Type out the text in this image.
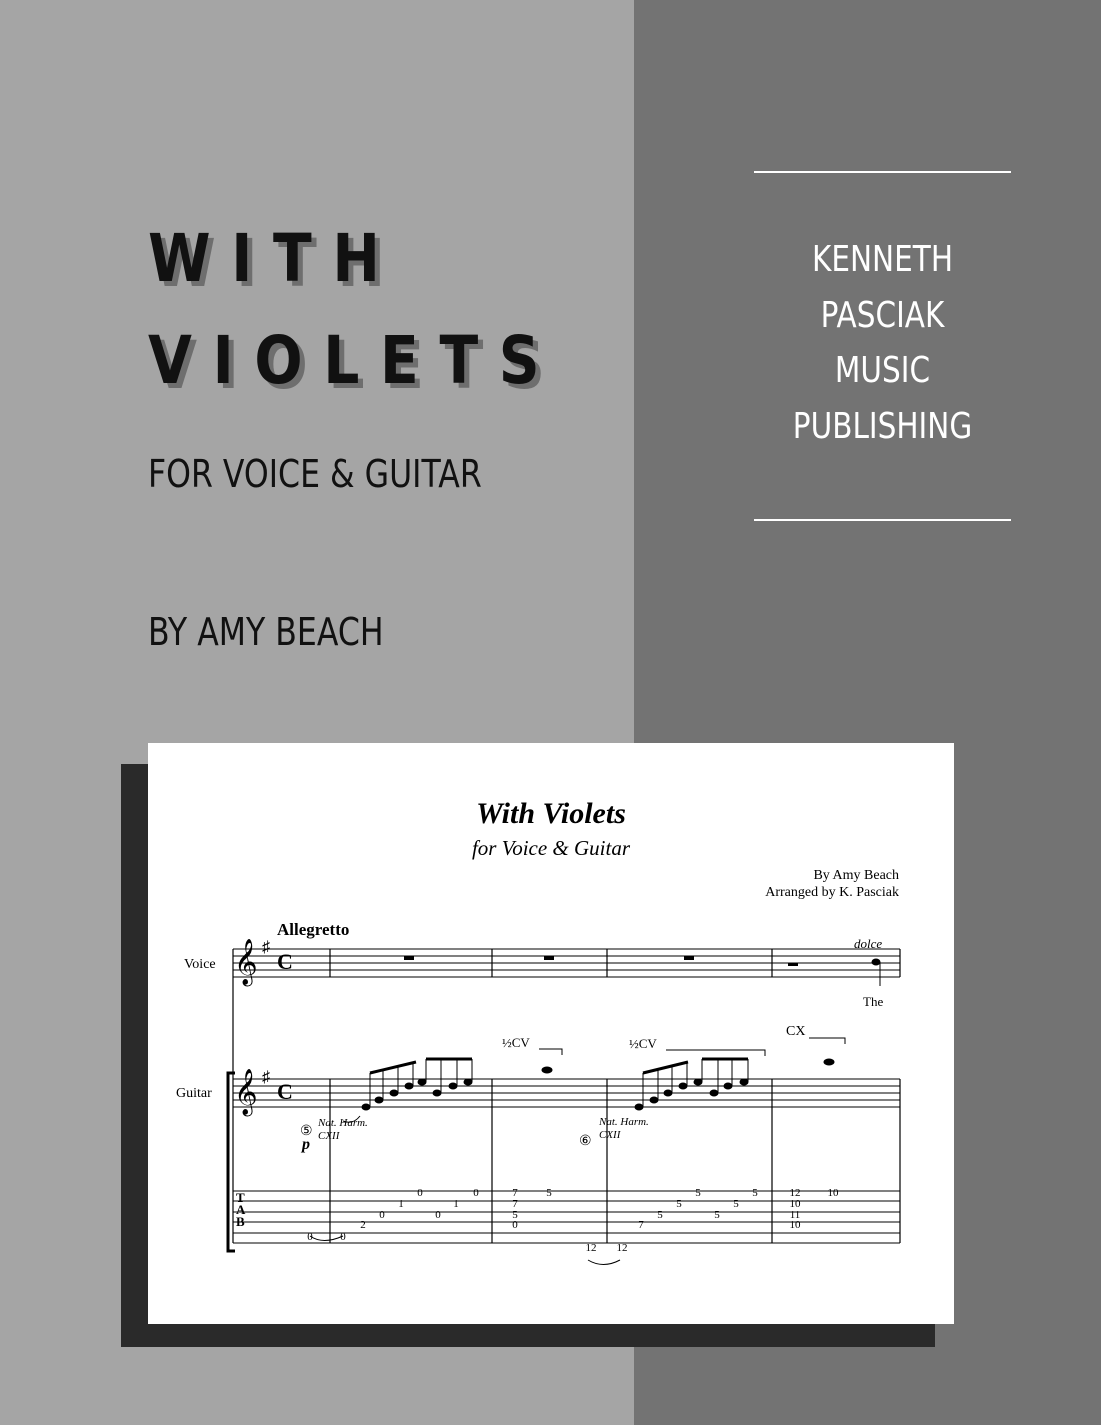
KENNETH
PASCIAK
MUSIC
PUBLISHING
WITH
VIOLETS
FOR VOICE & GUITAR
BY AMY BEACH
With Violets
for Voice & Guitar
By Amy Beach
Arranged by K. Pasciak
0	0
2
0
1
0
0
1
0	7
7
5
0
5
12 12
7
5
5
5
5
5
5	12
10
11
10
10
Allegretto
Voice
Guitar
𝄞
𝄞
♯
♯
C
C
dolce
The
p
Nat. Harm.
CXII
Nat. Harm.
CXII
⑤
⑥
½CV	½CV
CX
T
A
B
